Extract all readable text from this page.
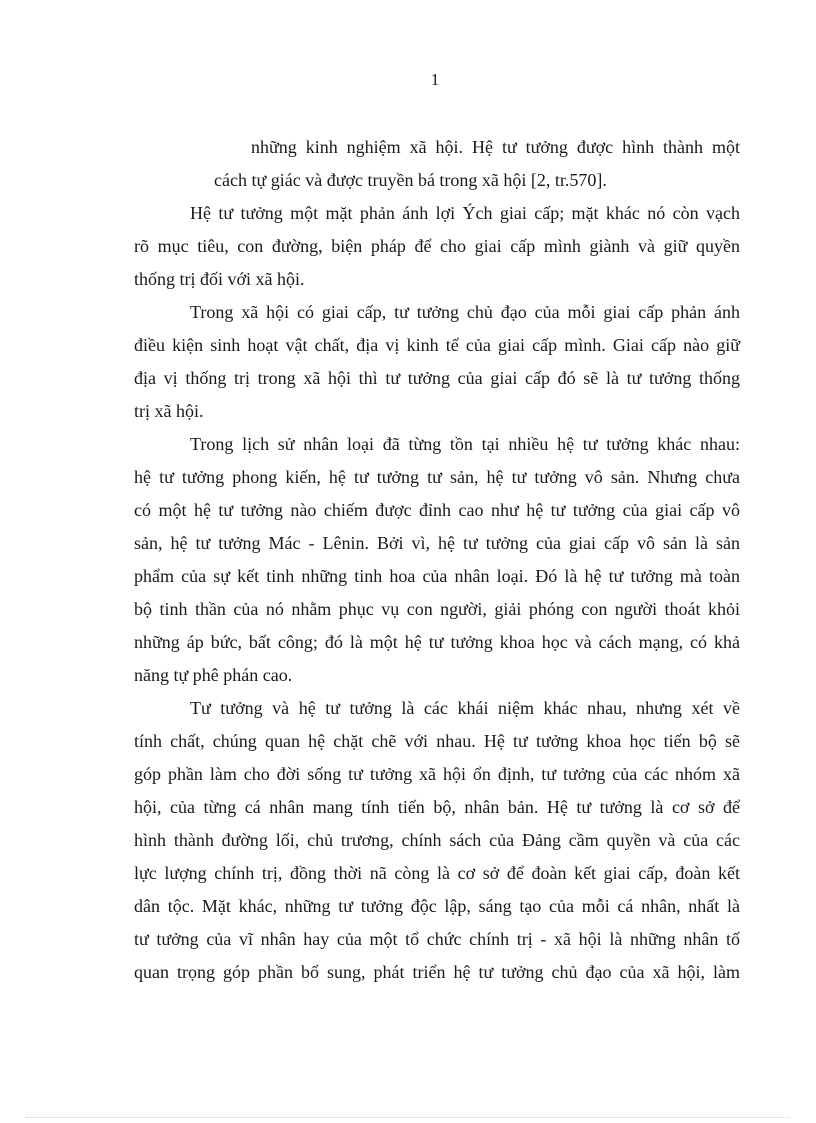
1
những kinh nghiệm xã hội. Hệ tư tưởng được hình thành một
cách tự giác và được truyền bá trong xã hội [2, tr.570].
Hệ tư tưởng một mặt phản ánh lợi Ých giai cấp; mặt khác nó còn vạch
rõ mục tiêu, con đường, biện pháp để cho giai cấp mình giành và giữ quyền
thống trị đối với xã hội.
Trong xã hội có giai cấp, tư tưởng chủ đạo của mỗi giai cấp phản ánh
điều kiện sinh hoạt vật chất, địa vị kinh tế của giai cấp mình. Giai cấp nào giữ
địa vị thống trị trong xã hội thì tư tưởng của giai cấp đó sẽ là tư tưởng thống
trị xã hội.
Trong lịch sử nhân loại đã từng tồn tại nhiều hệ tư tưởng khác nhau:
hệ tư tưởng phong kiến, hệ tư tưởng tư sản, hệ tư tưởng vô sản. Nhưng chưa
có một hệ tư tưởng nào chiếm được đỉnh cao như hệ tư tưởng của giai cấp vô
sản, hệ tư tưởng Mác - Lênin. Bởi vì, hệ tư tưởng của giai cấp vô sản là sản
phẩm của sự kết tinh những tinh hoa của nhân loại. Đó là hệ tư tưởng mà toàn
bộ tinh thần của nó nhằm phục vụ con người, giải phóng con người thoát khỏi
những áp bức, bất công; đó là một hệ tư tưởng khoa học và cách mạng, có khả
năng tự phê phán cao.
Tư tưởng và hệ tư tưởng là các khái niệm khác nhau, nhưng xét về
tính chất, chúng quan hệ chặt chẽ với nhau. Hệ tư tưởng khoa học tiến bộ sẽ
góp phần làm cho đời sống tư tưởng xã hội ổn định, tư tưởng của các nhóm xã
hội, của từng cá nhân mang tính tiến bộ, nhân bản. Hệ tư tưởng là cơ sở để
hình thành đường lối, chủ trương, chính sách của Đảng cầm quyền và của các
lực lượng chính trị, đồng thời nã còng là cơ sở để đoàn kết giai cấp, đoàn kết
dân tộc. Mặt khác, những tư tưởng độc lập, sáng tạo của mỗi cá nhân, nhất là
tư tưởng của vĩ nhân hay của một tổ chức chính trị - xã hội là những nhân tố
quan trọng góp phần bổ sung, phát triển hệ tư tưởng chủ đạo của xã hội, làm
